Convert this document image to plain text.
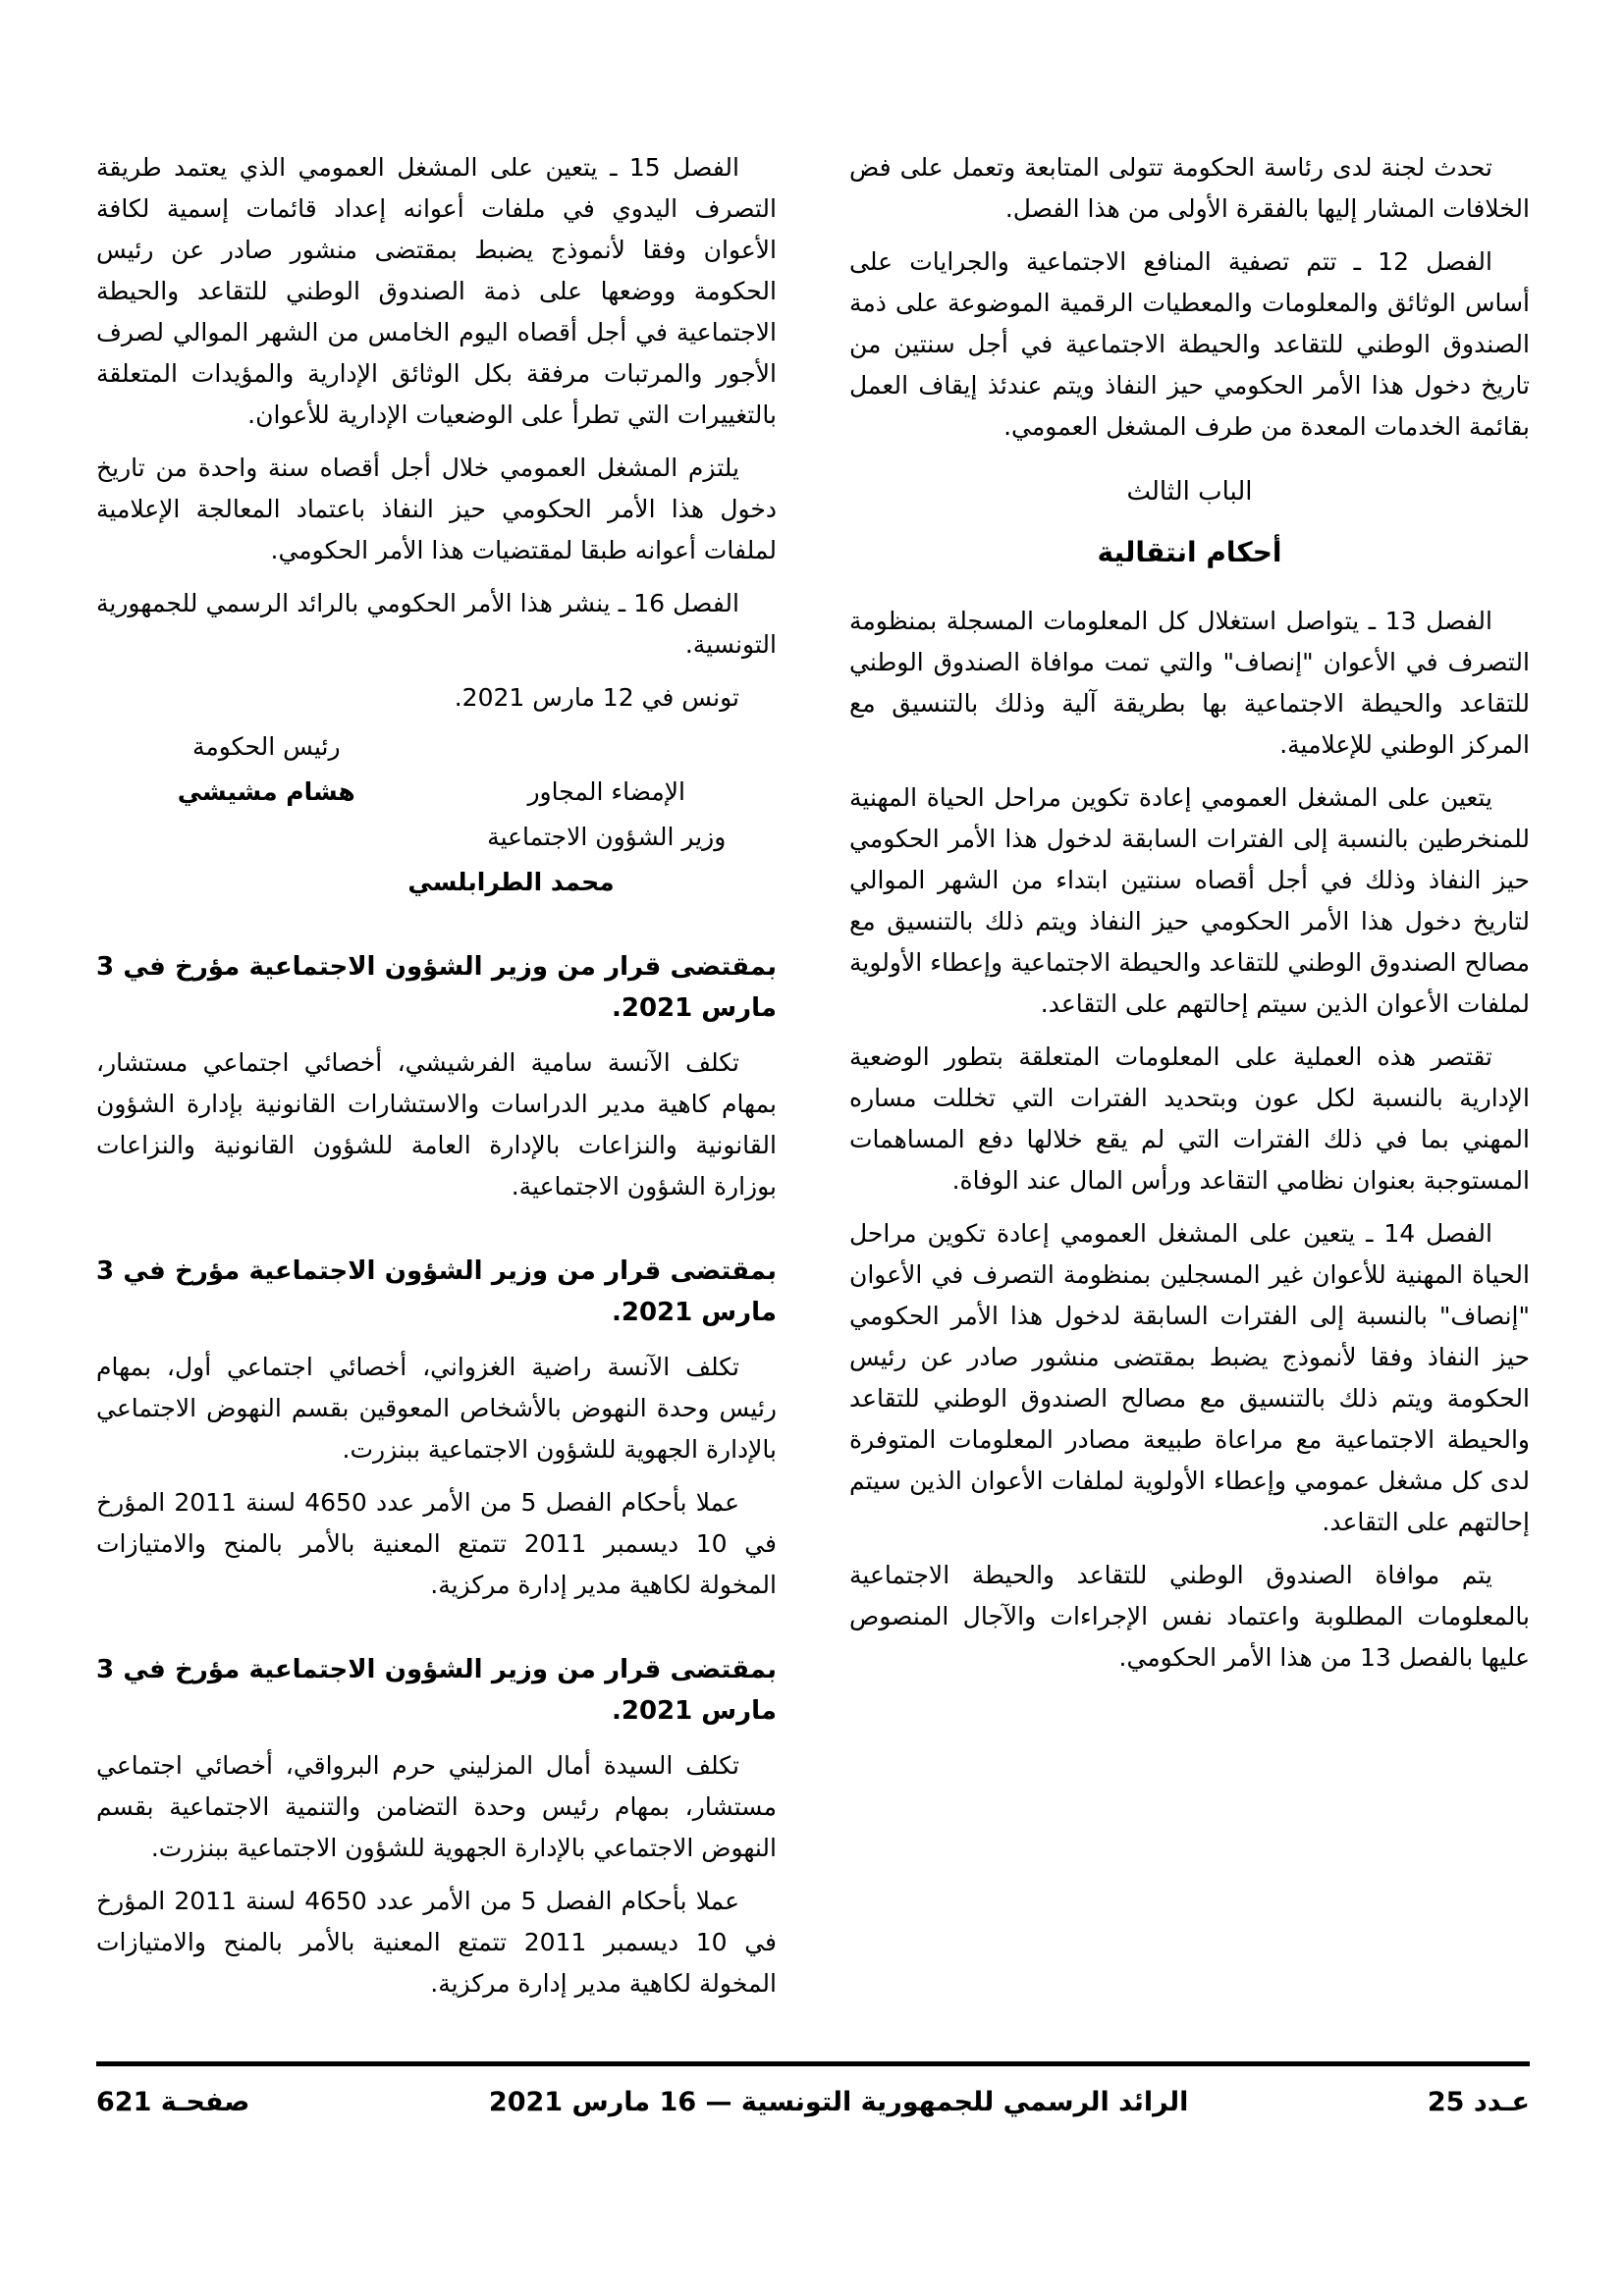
تحدث لجنة لدى رئاسة الحكومة تتولى المتابعة وتعمل على فض الخلافات المشار إليها بالفقرة الأولى من هذا الفصل.

الفصل 12 ـ تتم تصفية المنافع الاجتماعية والجرايات على أساس الوثائق والمعلومات والمعطيات الرقمية الموضوعة على ذمة الصندوق الوطني للتقاعد والحيطة الاجتماعية في أجل سنتين من تاريخ دخول هذا الأمر الحكومي حيز النفاذ ويتم عندئذ إيقاف العمل بقائمة الخدمات المعدة من طرف المشغل العمومي.

الباب الثالث
أحكام انتقالية

الفصل 13 ـ يتواصل استغلال كل المعلومات المسجلة بمنظومة التصرف في الأعوان "إنصاف" والتي تمت موافاة الصندوق الوطني للتقاعد والحيطة الاجتماعية بها بطريقة آلية وذلك بالتنسيق مع المركز الوطني للإعلامية.

يتعين على المشغل العمومي إعادة تكوين مراحل الحياة المهنية للمنخرطين بالنسبة إلى الفترات السابقة لدخول هذا الأمر الحكومي حيز النفاذ وذلك في أجل أقصاه سنتين ابتداء من الشهر الموالي لتاريخ دخول هذا الأمر الحكومي حيز النفاذ ويتم ذلك بالتنسيق مع مصالح الصندوق الوطني للتقاعد والحيطة الاجتماعية وإعطاء الأولوية لملفات الأعوان الذين سيتم إحالتهم على التقاعد.

تقتصر هذه العملية على المعلومات المتعلقة بتطور الوضعية الإدارية بالنسبة لكل عون وبتحديد الفترات التي تخللت مساره المهني بما في ذلك الفترات التي لم يقع خلالها دفع المساهمات المستوجبة بعنوان نظامي التقاعد ورأس المال عند الوفاة.

الفصل 14 ـ يتعين على المشغل العمومي إعادة تكوين مراحل الحياة المهنية للأعوان غير المسجلين بمنظومة التصرف في الأعوان "إنصاف" بالنسبة إلى الفترات السابقة لدخول هذا الأمر الحكومي حيز النفاذ وفقا لأنموذج يضبط بمقتضى منشور صادر عن رئيس الحكومة ويتم ذلك بالتنسيق مع مصالح الصندوق الوطني للتقاعد والحيطة الاجتماعية مع مراعاة طبيعة مصادر المعلومات المتوفرة لدى كل مشغل عمومي وإعطاء الأولوية لملفات الأعوان الذين سيتم إحالتهم على التقاعد.

يتم موافاة الصندوق الوطني للتقاعد والحيطة الاجتماعية بالمعلومات المطلوبة واعتماد نفس الإجراءات والآجال المنصوص عليها بالفصل 13 من هذا الأمر الحكومي.

الفصل 15 ـ يتعين على المشغل العمومي الذي يعتمد طريقة التصرف اليدوي في ملفات أعوانه إعداد قائمات إسمية لكافة الأعوان وفقا لأنموذج يضبط بمقتضى منشور صادر عن رئيس الحكومة ووضعها على ذمة الصندوق الوطني للتقاعد والحيطة الاجتماعية في أجل أقصاه اليوم الخامس من الشهر الموالي لصرف الأجور والمرتبات مرفقة بكل الوثائق الإدارية والمؤيدات المتعلقة بالتغييرات التي تطرأ على الوضعيات الإدارية للأعوان.

يلتزم المشغل العمومي خلال أجل أقصاه سنة واحدة من تاريخ دخول هذا الأمر الحكومي حيز النفاذ باعتماد المعالجة الإعلامية لملفات أعوانه طبقا لمقتضيات هذا الأمر الحكومي.

الفصل 16 ـ ينشر هذا الأمر الحكومي بالرائد الرسمي للجمهورية التونسية.

تونس في 12 مارس 2021.

رئيس الحكومة
هشام مشيشي	الإمضاء المجاور
وزير الشؤون الاجتماعية
محمد الطرابلسي
بمقتضى قرار من وزير الشؤون الاجتماعية مؤرخ في 3 مارس 2021.

تكلف الآنسة سامية الفرشيشي، أخصائي اجتماعي مستشار، بمهام كاهية مدير الدراسات والاستشارات القانونية بإدارة الشؤون القانونية والنزاعات بالإدارة العامة للشؤون القانونية والنزاعات بوزارة الشؤون الاجتماعية.

بمقتضى قرار من وزير الشؤون الاجتماعية مؤرخ في 3 مارس 2021.

تكلف الآنسة راضية الغزواني، أخصائي اجتماعي أول، بمهام رئيس وحدة النهوض بالأشخاص المعوقين بقسم النهوض الاجتماعي بالإدارة الجهوية للشؤون الاجتماعية ببنزرت.

عملا بأحكام الفصل 5 من الأمر عدد 4650 لسنة 2011 المؤرخ في 10 ديسمبر 2011 تتمتع المعنية بالأمر بالمنح والامتيازات المخولة لكاهية مدير إدارة مركزية.

بمقتضى قرار من وزير الشؤون الاجتماعية مؤرخ في 3 مارس 2021.

تكلف السيدة أمال المزليني حرم البرواقي، أخصائي اجتماعي مستشار، بمهام رئيس وحدة التضامن والتنمية الاجتماعية بقسم النهوض الاجتماعي بالإدارة الجهوية للشؤون الاجتماعية ببنزرت.

عملا بأحكام الفصل 5 من الأمر عدد 4650 لسنة 2011 المؤرخ في 10 ديسمبر 2011 تتمتع المعنية بالأمر بالمنح والامتيازات المخولة لكاهية مدير إدارة مركزية.

عـدد 25
الرائد الرسمي للجمهورية التونسية — 16 مارس 2021
صفحـة 621
